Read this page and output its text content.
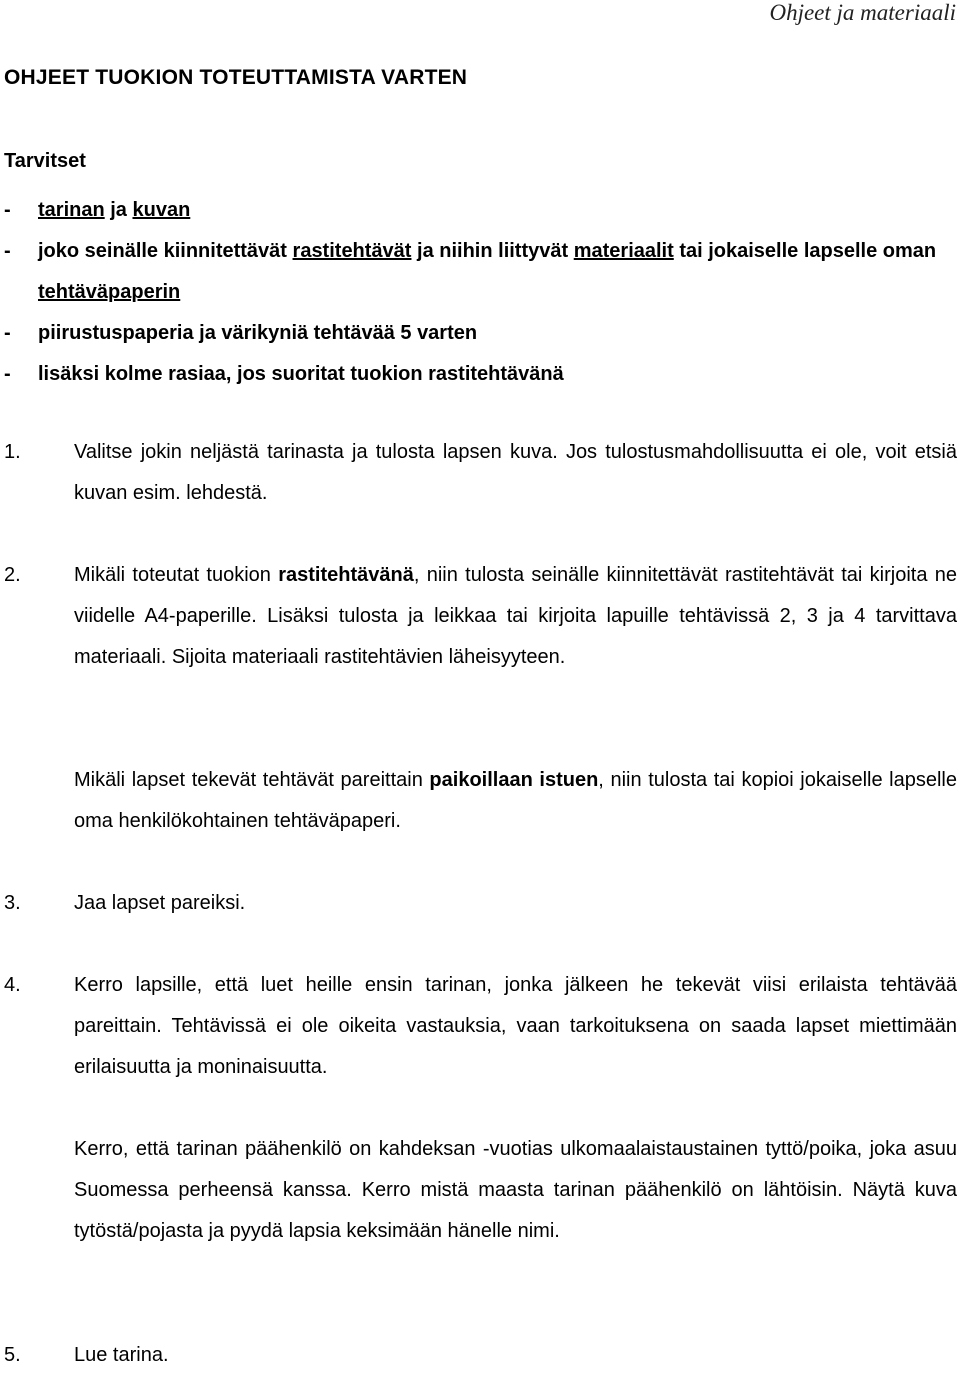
Ohjeet ja materiaali
OHJEET TUOKION TOTEUTTAMISTA VARTEN
Tarvitset
- tarinan ja kuvan
- joko seinälle kiinnitettävät rastitehtävät ja niihin liittyvät materiaalit tai jokaiselle lapselle oman tehtäväpaperin
- piirustuspaperia ja värikyniä tehtävää 5 varten
- lisäksi kolme rasiaa, jos suoritat tuokion rastitehtävänä
1.	Valitse jokin neljästä tarinasta ja tulosta lapsen kuva. Jos tulostusmahdollisuutta ei ole, voit etsiä kuvan esim. lehdestä.
2.	Mikäli toteutat tuokion rastitehtävänä, niin tulosta seinälle kiinnitettävät rastitehtävät tai kirjoita ne viidelle A4-paperille. Lisäksi tulosta ja leikkaa tai kirjoita lapuille tehtävissä 2, 3 ja 4 tarvittava materiaali. Sijoita materiaali rastitehtävien läheisyyteen.
Mikäli lapset tekevät tehtävät pareittain paikoillaan istuen, niin tulosta tai kopioi jokaiselle lapselle oma henkilökohtainen tehtäväpaperi.
3.	Jaa lapset pareiksi.
4.	Kerro lapsille, että luet heille ensin tarinan, jonka jälkeen he tekevät viisi erilaista tehtävää pareittain. Tehtävissä ei ole oikeita vastauksia, vaan tarkoituksena on saada lapset miettimään erilaisuutta ja moninaisuutta.
Kerro, että tarinan päähenkilö on kahdeksan -vuotias ulkomaalaistaustainen tyttö/poika, joka asuu Suomessa perheensä kanssa. Kerro mistä maasta tarinan päähenkilö on lähtöisin. Näytä kuva tytöstä/pojasta ja pyydä lapsia keksimään hänelle nimi.
5.	Lue tarina.
